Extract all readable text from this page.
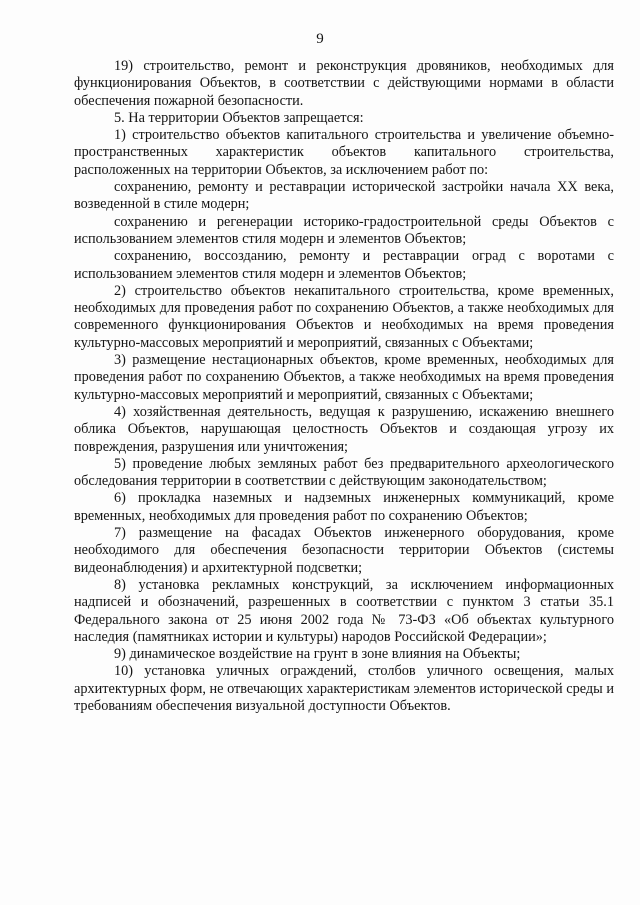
9

19) строительство, ремонт и реконструкция дровяников, необходимых для функционирования Объектов, в соответствии с действующими нормами в области обеспечения пожарной безопасности.

5. На территории Объектов запрещается:

1) строительство объектов капитального строительства и увеличение объемно-пространственных характеристик объектов капитального строительства, расположенных на территории Объектов, за исключением работ по:

сохранению, ремонту и реставрации исторической застройки начала XX века, возведенной в стиле модерн;

сохранению и регенерации историко-градостроительной среды Объектов с использованием элементов стиля модерн и элементов Объектов;

сохранению, воссозданию, ремонту и реставрации оград с воротами с использованием элементов стиля модерн и элементов Объектов;

2) строительство объектов некапитального строительства, кроме временных, необходимых для проведения работ по сохранению Объектов, а также необходимых для современного функционирования Объектов и необходимых на время проведения культурно-массовых мероприятий и мероприятий, связанных с Объектами;

3) размещение нестационарных объектов, кроме временных, необходимых для проведения работ по сохранению Объектов, а также необходимых на время проведения культурно-массовых мероприятий и мероприятий, связанных с Объектами;

4) хозяйственная деятельность, ведущая к разрушению, искажению внешнего облика Объектов, нарушающая целостность Объектов и создающая угрозу их повреждения, разрушения или уничтожения;

5) проведение любых земляных работ без предварительного археологического обследования территории в соответствии с действующим законодательством;

6) прокладка наземных и надземных инженерных коммуникаций, кроме временных, необходимых для проведения работ по сохранению Объектов;

7) размещение на фасадах Объектов инженерного оборудования, кроме необходимого для обеспечения безопасности территории Объектов (системы видеонаблюдения) и архитектурной подсветки;

8) установка рекламных конструкций, за исключением информационных надписей и обозначений, разрешенных в соответствии с пунктом 3 статьи 35.1 Федерального закона от 25 июня 2002 года № 73-ФЗ «Об объектах культурного наследия (памятниках истории и культуры) народов Российской Федерации»;

9) динамическое воздействие на грунт в зоне влияния на Объекты;

10) установка уличных ограждений, столбов уличного освещения, малых архитектурных форм, не отвечающих характеристикам элементов исторической среды и требованиям обеспечения визуальной доступности Объектов.
